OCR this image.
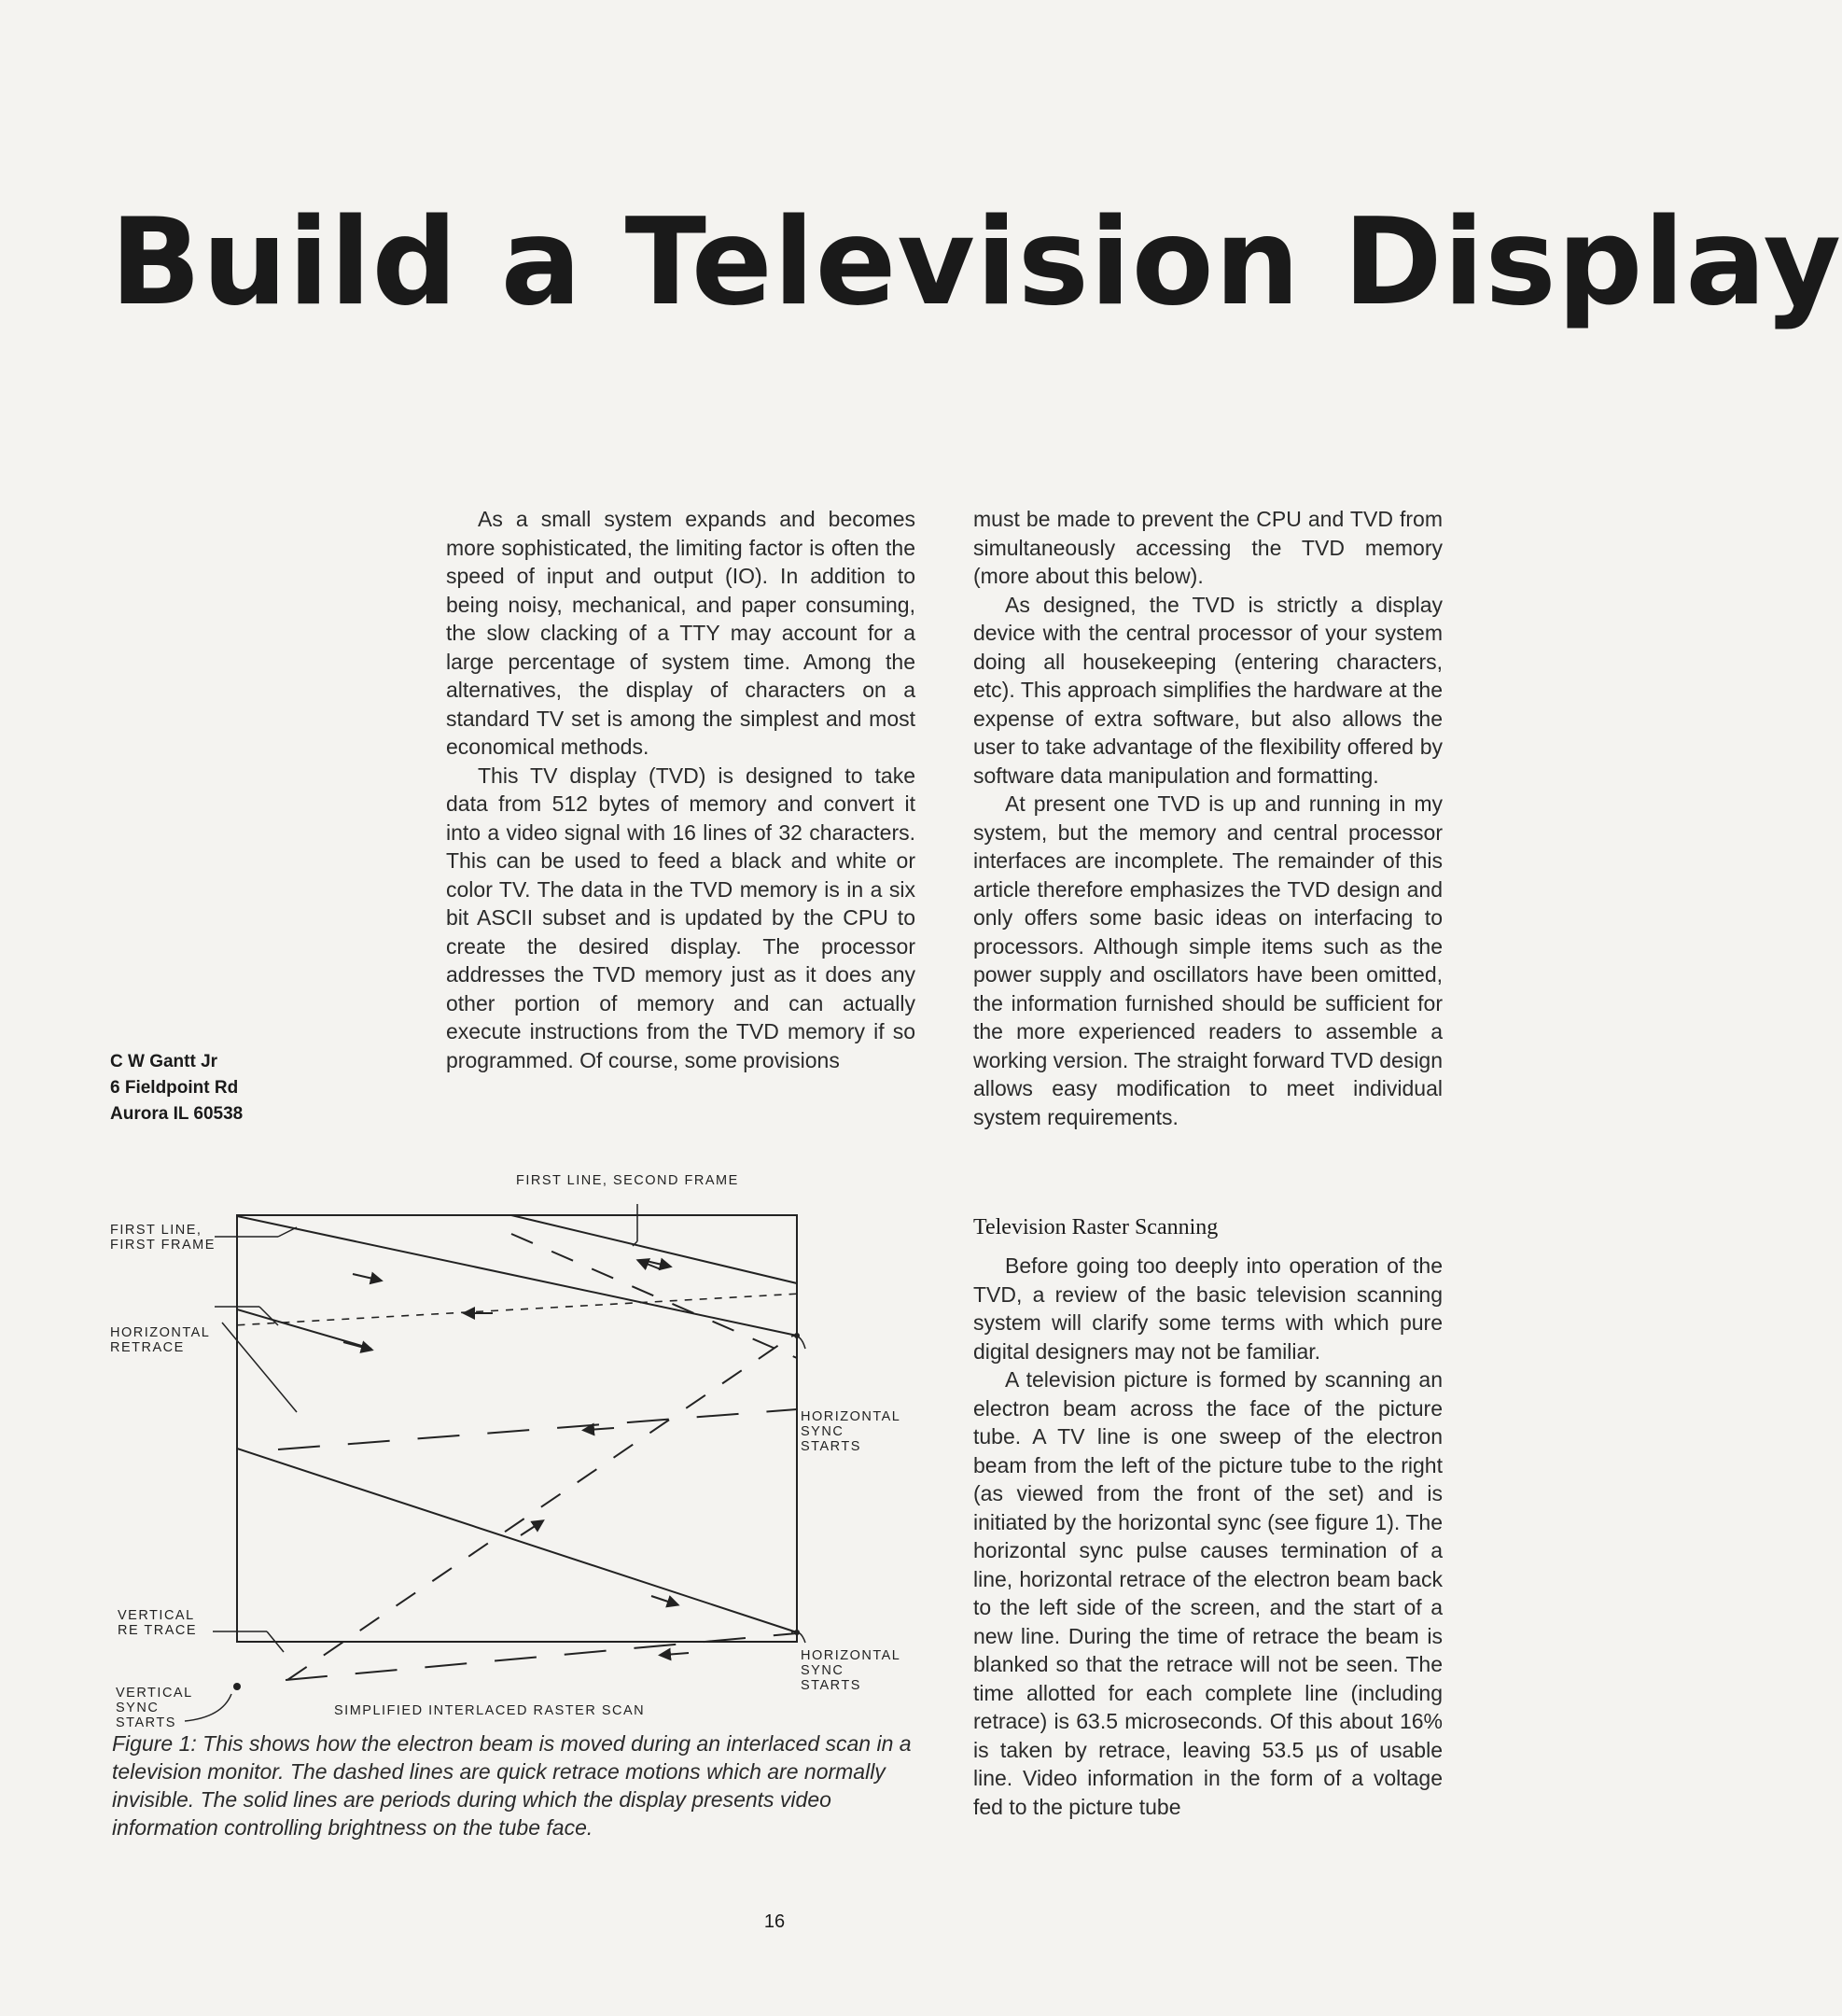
Build a Television Display
C W Gantt Jr
6 Fieldpoint Rd
Aurora IL 60538

As a small system expands and becomes more sophisticated, the limiting factor is often the speed of input and output (IO). In addition to being noisy, mechanical, and paper consuming, the slow clacking of a TTY may account for a large percentage of system time. Among the alternatives, the display of characters on a standard TV set is among the simplest and most economical methods.

This TV display (TVD) is designed to take data from 512 bytes of memory and convert it into a video signal with 16 lines of 32 characters. This can be used to feed a black and white or color TV. The data in the TVD memory is in a six bit ASCII subset and is updated by the CPU to create the desired display. The processor addresses the TVD memory just as it does any other portion of memory and can actually execute instructions from the TVD memory if so programmed. Of course, some provisions

must be made to prevent the CPU and TVD from simultaneously accessing the TVD memory (more about this below).

As designed, the TVD is strictly a display device with the central processor of your system doing all housekeeping (entering characters, etc). This approach simplifies the hardware at the expense of extra software, but also allows the user to take advantage of the flexibility offered by software data manipulation and formatting.

At present one TVD is up and running in my system, but the memory and central processor interfaces are incomplete. The remainder of this article therefore emphasizes the TVD design and only offers some basic ideas on interfacing to processors. Although simple items such as the power supply and oscillators have been omitted, the information furnished should be sufficient for the more experienced readers to assemble a working version. The straight forward TVD design allows easy modification to meet individual system requirements.

Television Raster Scanning

Before going too deeply into operation of the TVD, a review of the basic television scanning system will clarify some terms with which pure digital designers may not be familiar.

A television picture is formed by scanning an electron beam across the face of the picture tube. A TV line is one sweep of the electron beam from the left of the picture tube to the right (as viewed from the front of the set) and is initiated by the horizontal sync (see figure 1). The horizontal sync pulse causes termination of a line, horizontal retrace of the electron beam back to the left side of the screen, and the start of a new line. During the time of retrace the beam is blanked so that the retrace will not be seen. The time allotted for each complete line (including retrace) is 63.5 microseconds. Of this about 16% is taken by retrace, leaving 53.5 µs of usable line. Video information in the form of a voltage fed to the picture tube

FIRST LINE, SECOND FRAME
FIRST LINE,
FIRST FRAME
HORIZONTAL
RETRACE
HORIZONTAL
SYNC
STARTS
VERTICAL
RE TRACE
HORIZONTAL
SYNC
STARTS
VERTICAL
SYNC
STARTS
SIMPLIFIED INTERLACED RASTER SCAN
Figure 1: This shows how the electron beam is moved during an interlaced scan in a television monitor. The dashed lines are quick retrace motions which are normally invisible. The solid lines are periods during which the display presents video information controlling brightness on the tube face.
16
